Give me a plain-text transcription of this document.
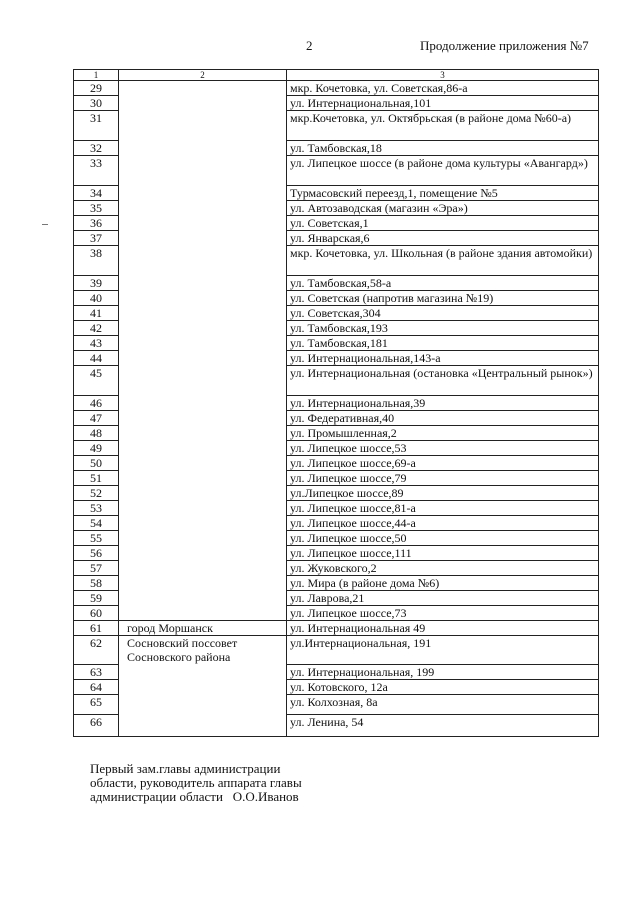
2	Продолжение приложения №7
1	2	3
29		мкр. Кочетовка, ул. Советская,86-а
30		ул. Интернациональная,101
31		мкр.Кочетовка, ул. Октябрьская (в районе дома №60-а)
32		ул. Тамбовская,18
33		ул. Липецкое шоссе (в районе дома культуры «Авангард»)
34		Турмасовский переезд,1, помещение №5
35		ул. Автозаводская (магазин «Эра»)
36		ул. Советская,1
37		ул. Январская,6
38		мкр. Кочетовка, ул. Школьная (в районе здания автомойки)
39		ул. Тамбовская,58-а
40		ул. Советская (напротив магазина №19)
41		ул. Советская,304
42		ул. Тамбовская,193
43		ул. Тамбовская,181
44		ул. Интернациональная,143-а
45		ул. Интернациональная (остановка «Центральный рынок»)
46		ул. Интернациональная,39
47		ул. Федеративная,40
48		ул. Промышленная,2
49		ул. Липецкое шоссе,53
50		ул. Липецкое шоссе,69-а
51		ул. Липецкое шоссе,79
52		ул.Липецкое шоссе,89
53		ул. Липецкое шоссе,81-а
54		ул. Липецкое шоссе,44-а
55		ул. Липецкое шоссе,50
56		ул. Липецкое шоссе,111
57		ул. Жуковского,2
58		ул. Мира (в районе дома №6)
59		ул. Лаврова,21
60		ул. Липецкое шоссе,73
61	город Моршанск	ул. Интернациональная 49
62	Сосновский поссовет Сосновского района	ул.Интернациональная, 191
63		ул. Интернациональная, 199
64		ул. Котовского, 12а
65		ул. Колхозная, 8а
66		ул. Ленина, 54
Первый зам.главы администрации
области, руководитель аппарата главы
администрации области О.О.Иванов
